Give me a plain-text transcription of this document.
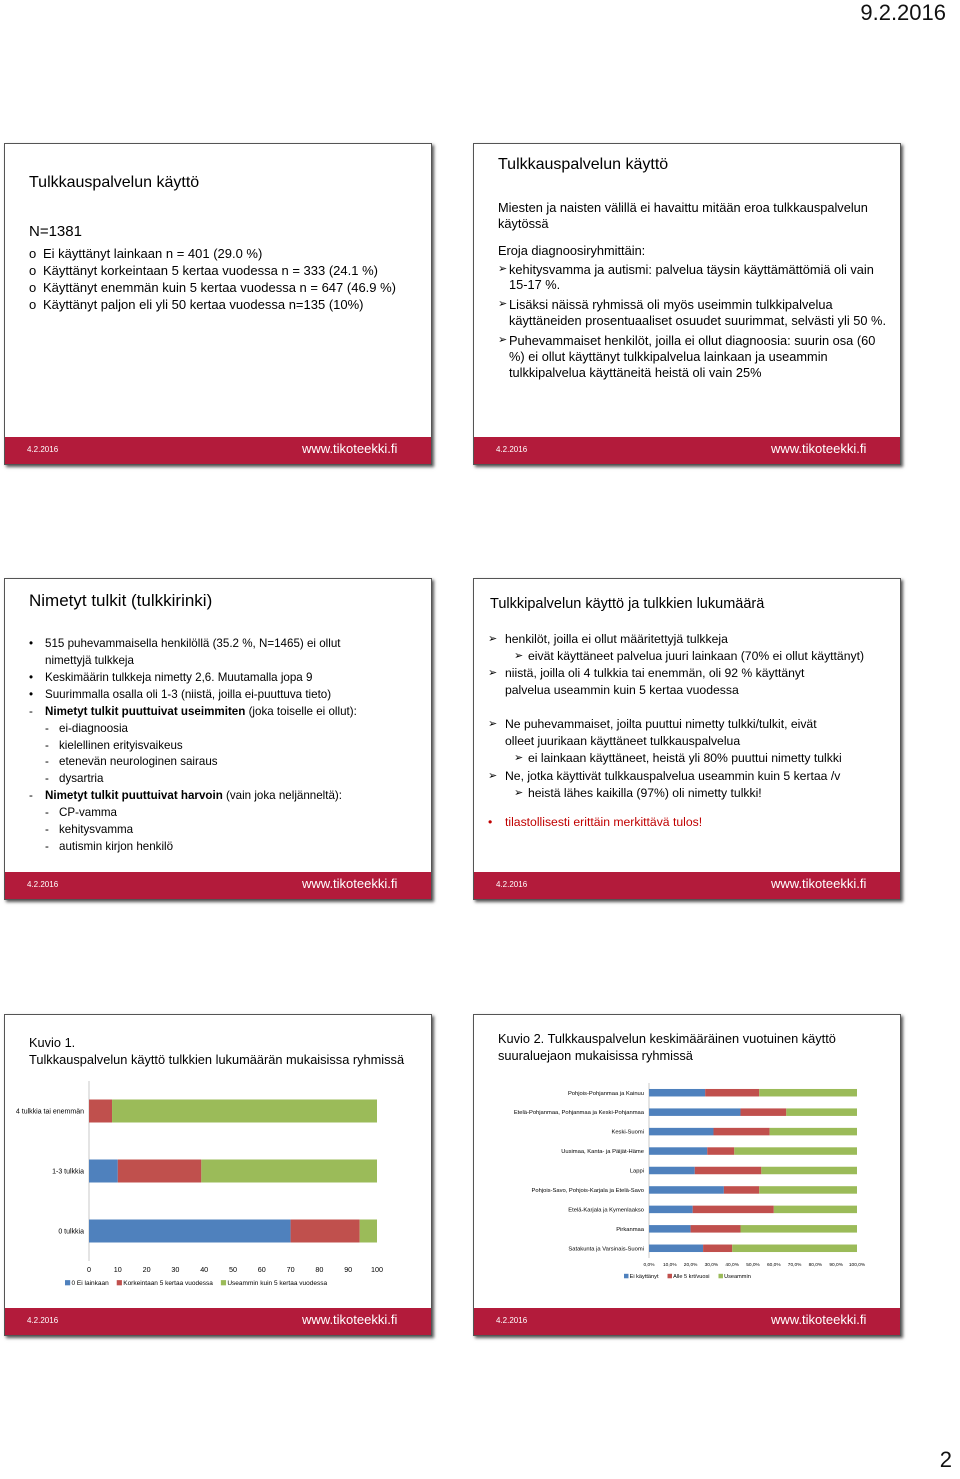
9.2.2016
Tulkkauspalvelun käyttö
N=1381
o Ei käyttänyt lainkaan n = 401 (29.0 %)
o Käyttänyt korkeintaan 5 kertaa vuodessa n = 333 (24.1 %)
o Käyttänyt enemmän kuin 5 kertaa vuodessa n = 647 (46.9 %)
o Käyttänyt paljon eli yli 50 kertaa vuodessa n=135 (10%)
4.2.2016	www.tikoteekki.fi
Tulkkauspalvelun käyttö
Miesten ja naisten välillä ei havaittu mitään eroa tulkkauspalvelun käytössä
Eroja diagnoosiryhmittäin:
➢ kehitysvamma ja autismi: palvelua täysin käyttämättömiä oli vain 15-17 %.
➢ Lisäksi näissä ryhmissä oli myös useimmin tulkkipalvelua käyttäneiden prosentuaaliset osuudet suurimmat, selvästi yli 50 %.
➢ Puhevammaiset henkilöt, joilla ei ollut diagnoosia: suurin osa (60 %) ei ollut käyttänyt tulkkipalvelua lainkaan ja useammin tulkkipalvelua käyttäneitä heistä oli vain 25%
4.2.2016	www.tikoteekki.fi
Nimetyt tulkit (tulkkirinki)
•	515 puhevammaisella henkilöllä (35.2 %, N=1465) ei ollut nimettyjä tulkkeja
•	Keskimäärin tulkkeja nimetty 2,6. Muutamalla jopa 9
•	Suurimmalla osalla oli 1-3 (niistä, joilla ei-puuttuva tieto)
-	Nimetyt tulkit puuttuivat useimmiten (joka toiselle ei ollut):
- ei-diagnoosia
- kielellinen erityisvaikeus
- etenevän neurologinen sairaus
- dysartria
-	Nimetyt tulkit puuttuivat harvoin (vain joka neljänneltä):
- CP-vamma
- kehitysvamma
- autismin kirjon henkilö
4.2.2016	www.tikoteekki.fi
Tulkkipalvelun käyttö ja tulkkien lukumäärä
➢ henkilöt, joilla ei ollut määritettyjä tulkkeja
➢ eivät käyttäneet palvelua juuri lainkaan (70% ei ollut käyttänyt)
➢ niistä, joilla oli 4 tulkkia tai enemmän, oli 92 % käyttänyt palvelua useammin kuin 5 kertaa vuodessa
➢ Ne puhevammaiset, joilta puuttui nimetty tulkki/tulkit, eivät olleet juurikaan käyttäneet tulkkauspalvelua
➢ ei lainkaan käyttäneet, heistä yli 80% puuttui nimetty tulkki
➢ Ne, jotka käyttivät tulkkauspalvelua useammin kuin 5 kertaa /v
➢ heistä lähes kaikilla (97%) oli nimetty tulkki!
•	tilastollisesti erittäin merkittävä tulos!
4.2.2016	www.tikoteekki.fi
Kuvio 1.
Tulkkauspalvelun käyttö tulkkien lukumäärän mukaisissa ryhmissä
4 tulkkia tai enemmän
1-3 tulkkia
0 tulkkia
0	10	20	30	40	50	60	70	80	90	100
0 Ei lainkaan Korkeintaan 5 kertaa vuodessa Useammin kuin 5 kertaa vuodessa
4.2.2016	www.tikoteekki.fi
Kuvio 2. Tulkkauspalvelun keskimääräinen vuotuinen käyttö suuraluejaon mukaisissa ryhmissä
Pohjois-Pohjanmaa ja Kainuu
Etelä-Pohjanmaa, Pohjanmaa ja Keski-Pohjanmaa
Keski-Suomi
Uusimaa, Kanta- ja Päijät-Häme
Lappi
Pohjois-Savo, Pohjois-Karjala ja Etelä-Savo
Etelä-Karjala ja Kymenlaakso
Pirkanmaa
Satakunta ja Varsinais-Suomi
0,0% 10,0% 20,0% 30,0% 40,0% 50,0% 60,0% 70,0% 80,0% 90,0% 100,0%
Ei käyttänyt	Alle 5 krt/vuosi	Useammin
4.2.2016	www.tikoteekki.fi
2
